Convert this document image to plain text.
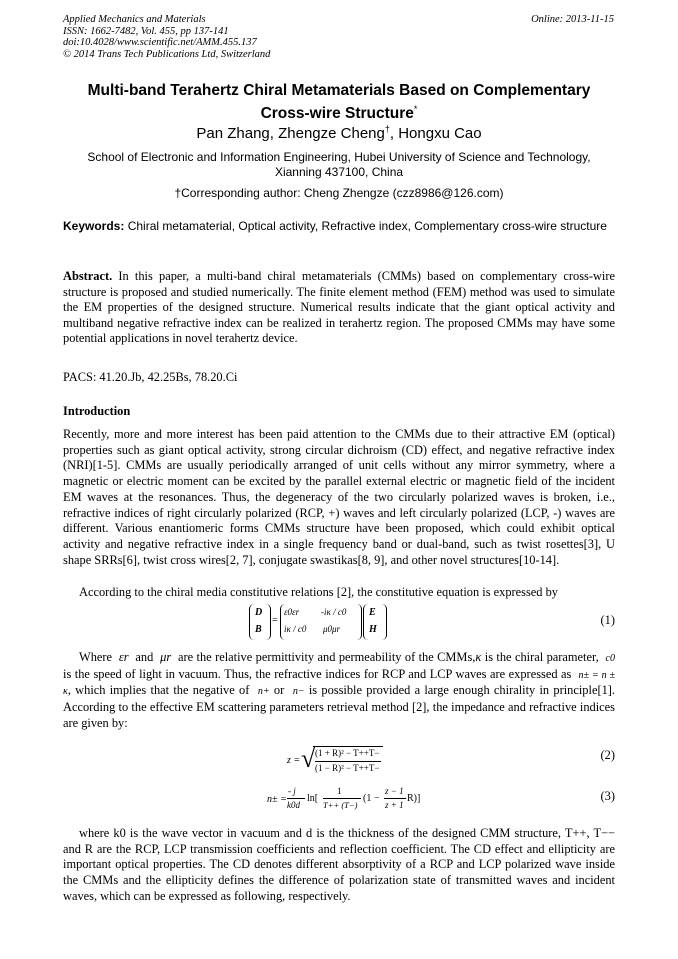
Applied Mechanics and Materials
ISSN: 1662-7482, Vol. 455, pp 137-141
doi:10.4028/www.scientific.net/AMM.455.137
© 2014 Trans Tech Publications Ltd, Switzerland
Online: 2013-11-15
Multi-band Terahertz Chiral Metamaterials Based on Complementary
Cross-wire Structure*
Pan Zhang, Zhengze Cheng†, Hongxu Cao
School of Electronic and Information Engineering, Hubei University of Science and Technology,
Xianning 437100, China
†Corresponding author: Cheng Zhengze (czz8986@126.com)
Keywords: Chiral metamaterial, Optical activity, Refractive index, Complementary cross-wire structure
Abstract. In this paper, a multi-band chiral metamaterials (CMMs) based on complementary cross-wire structure is proposed and studied numerically. The finite element method (FEM) method was used to simulate the EM properties of the designed structure. Numerical results indicate that the giant optical activity and multiband negative refractive index can be realized in terahertz region. The proposed CMMs may have some potential applications in novel terahertz device.
PACS: 41.20.Jb, 42.25Bs, 78.20.Ci
Introduction
Recently, more and more interest has been paid attention to the CMMs due to their attractive EM (optical) properties such as giant optical activity, strong circular dichroism (CD) effect, and negative refractive index (NRI)[1-5]. CMMs are usually periodically arranged of unit cells without any mirror symmetry, where a magnetic or electric moment can be excited by the parallel external electric or magnetic field of the incident EM waves at the resonances. Thus, the degeneracy of the two circularly polarized waves is broken, i.e., refractive indices of right circularly polarized (RCP, +) waves and left circularly polarized (LCP, -) waves are different. Various enantiomeric forms CMMs structure have been proposed, which could exhibit optical activity and negative refractive index in a single frequency band or dual-band, such as twist rosettes[3], U shape SRRs[6], twist cross wires[2, 7], conjugate swastikas[8, 9], and other novel structures[10-14].
According to the chiral media constitutive relations [2], the constitutive equation is expressed by
D
B
=
ε0εr -iκ / c0
iκ / c0 μ0μr
E
H
(1)
Where εr and μr are the relative permittivity and permeability of the CMMs,κ is the chiral parameter, c0 is the speed of light in vacuum. Thus, the refractive indices for RCP and LCP waves are expressed as n± = n ± κ, which implies that the negative of n+ or n− is possible provided a large enough chirality in principle[1]. According to the effective EM scattering parameters retrieval method [2], the impedance and refractive indices are given by:
z = √ (1 + R)² − T++T−
(1 − R)² − T++T−
(2)
n± =
- j
k0d
ln[
1
T++ (T−)
(1 −
z − 1
z + 1
R)]	(3)
where k0 is the wave vector in vacuum and d is the thickness of the designed CMM structure, T++, T−− and R are the RCP, LCP transmission coefficients and reflection coefficient. The CD effect and ellipticity are important optical properties. The CD denotes different absorptivity of a RCP and LCP polarized wave inside the CMMs and the ellipticity defines the difference of polarization state of transmitted waves and incident waves, which can be expressed as following, respectively.
